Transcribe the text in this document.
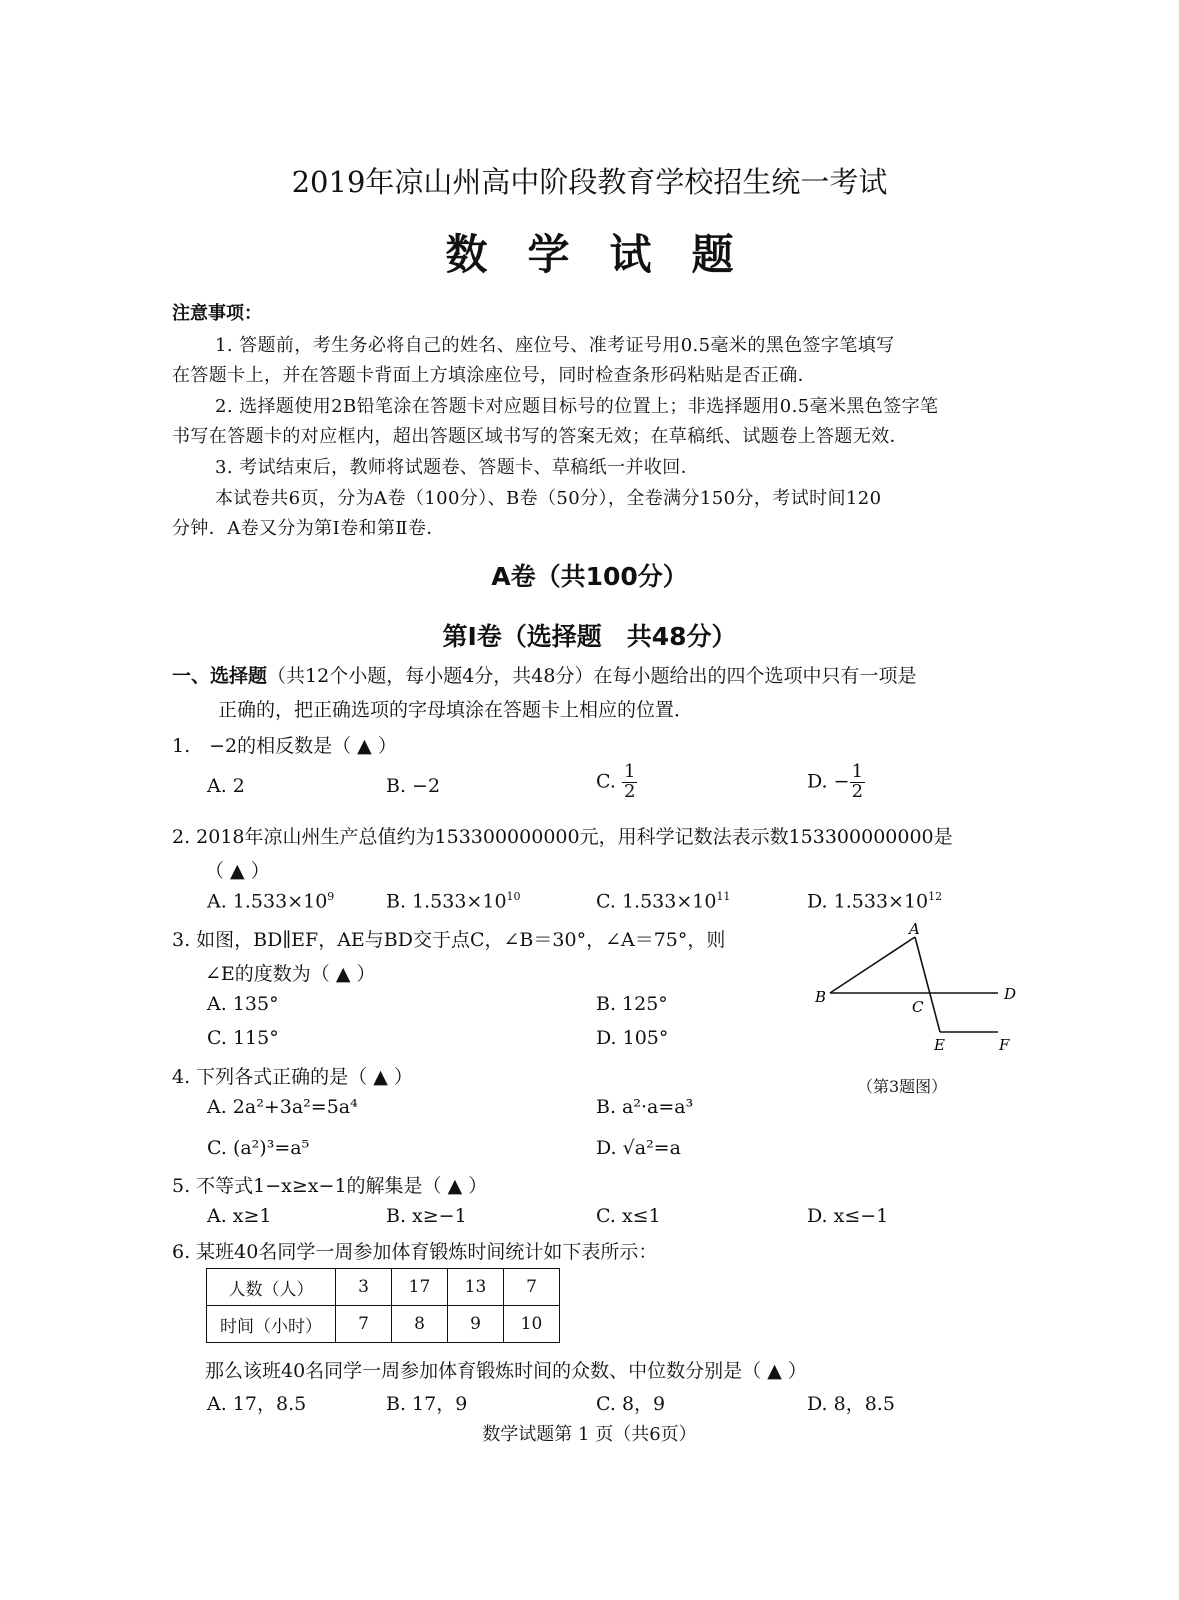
2019年凉山州高中阶段教育学校招生统一考试
数学试题
注意事项：
1. 答题前，考生务必将自己的姓名、座位号、准考证号用0.5毫米的黑色签字笔填写
在答题卡上，并在答题卡背面上方填涂座位号，同时检查条形码粘贴是否正确．
2. 选择题使用2B铅笔涂在答题卡对应题目标号的位置上；非选择题用0.5毫米黑色签字笔
书写在答题卡的对应框内，超出答题区域书写的答案无效；在草稿纸、试题卷上答题无效．
3. 考试结束后，教师将试题卷、答题卡、草稿纸一并收回．
本试卷共6页，分为A卷（100分）、B卷（50分），全卷满分150分，考试时间120
分钟．A卷又分为第Ⅰ卷和第Ⅱ卷．
A卷（共100分）
第Ⅰ卷（选择题　共48分）
一、选择题（共12个小题，每小题4分，共48分）在每小题给出的四个选项中只有一项是
正确的，把正确选项的字母填涂在答题卡上相应的位置．
1.　−2的相反数是（ ▲ ）
A. 2	B. −2	C. $\frac{1}{2}$	D. − $\frac{1}{2}$
2. 2018年凉山州生产总值约为153300000000元，用科学记数法表示数153300000000是
（ ▲ ）
A. $1.533\times 10^9$	B. $1.533\times 10^{10}$	C. $1.533\times 10^{11}$	D. $1.533\times 10^{12}$
3. 如图，BD∥EF，AE与BD交于点C，∠B＝30°，∠A＝75°，则
∠E的度数为（ ▲ ）
A. 135°	B. 125°
C. 115°	D. 105°
A
B
C
D
E	F
（第3题图）
4. 下列各式正确的是（ ▲ ）
A. 2a²+3a²=5a⁴	B. a²·a=a³
C. (a²)³=a⁵	D. √a²=a
5. 不等式1−x≥x−1的解集是（ ▲ ）
A. x≥1	B. x≥−1	C. x≤1	D. x≤−1
6. 某班40名同学一周参加体育锻炼时间统计如下表所示：
人数（人）	3	17	13	7
时间（小时）	7	8	9	10
那么该班40名同学一周参加体育锻炼时间的众数、中位数分别是（ ▲ ）
A. 17，8.5	B. 17，9	C. 8，9	D. 8，8.5
数学试题第 1 页（共6页）
